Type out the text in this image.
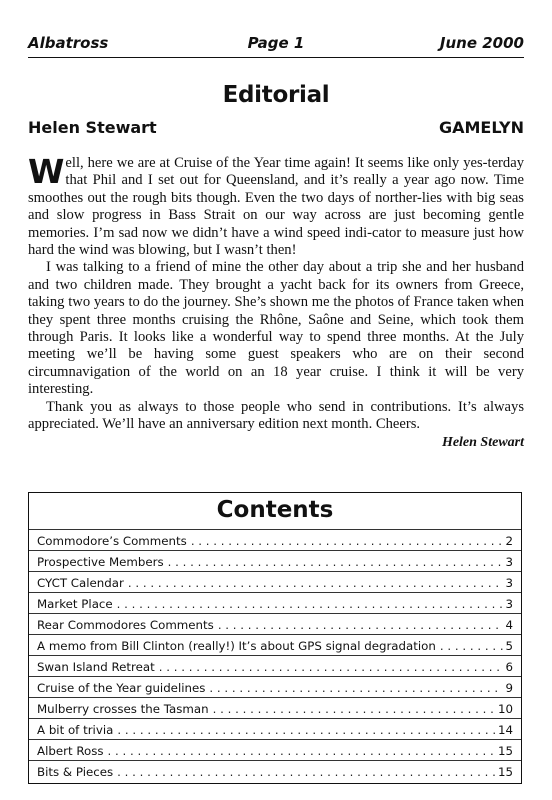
Albatross	Page 1	June 2000
Editorial
Helen Stewart	GAMELYN

Well, here we are at Cruise of the Year time again! It seems like only yes-terday that Phil and I set out for Queensland, and it’s really a year ago now. Time smoothes out the rough bits though. Even the two days of norther-lies with big seas and slow progress in Bass Strait on our way across are just becoming gentle memories. I’m sad now we didn’t have a wind speed indi-cator to measure just how hard the wind was blowing, but I wasn’t then!

I was talking to a friend of mine the other day about a trip she and her husband and two children made. They brought a yacht back for its owners from Greece, taking two years to do the journey. She’s shown me the photos of France taken when they spent three months cruising the Rhône, Saône and Seine, which took them through Paris. It looks like a wonderful way to spend three months. At the July meeting we’ll be having some guest speakers who are on their second circumnavigation of the world on an 18 year cruise. I think it will be very interesting.

Thank you as always to those people who send in contributions. It’s always appreciated. We’ll have an anniversary edition next month. Cheers.

Helen Stewart
Contents
Commodore’s Comments . . .	2
Prospective Members . . .	3
CYCT Calendar . . .	3
Market Place . . .	3
Rear Commodores Comments . . .	4
A memo from Bill Clinton (really!) It’s about GPS signal degradation . . .	5
Swan Island Retreat . . .	6
Cruise of the Year guidelines . . .	9
Mulberry crosses the Tasman . . .	10
A bit of trivia . . .	14
Albert Ross . . .	15
Bits & Pieces . . .	15
